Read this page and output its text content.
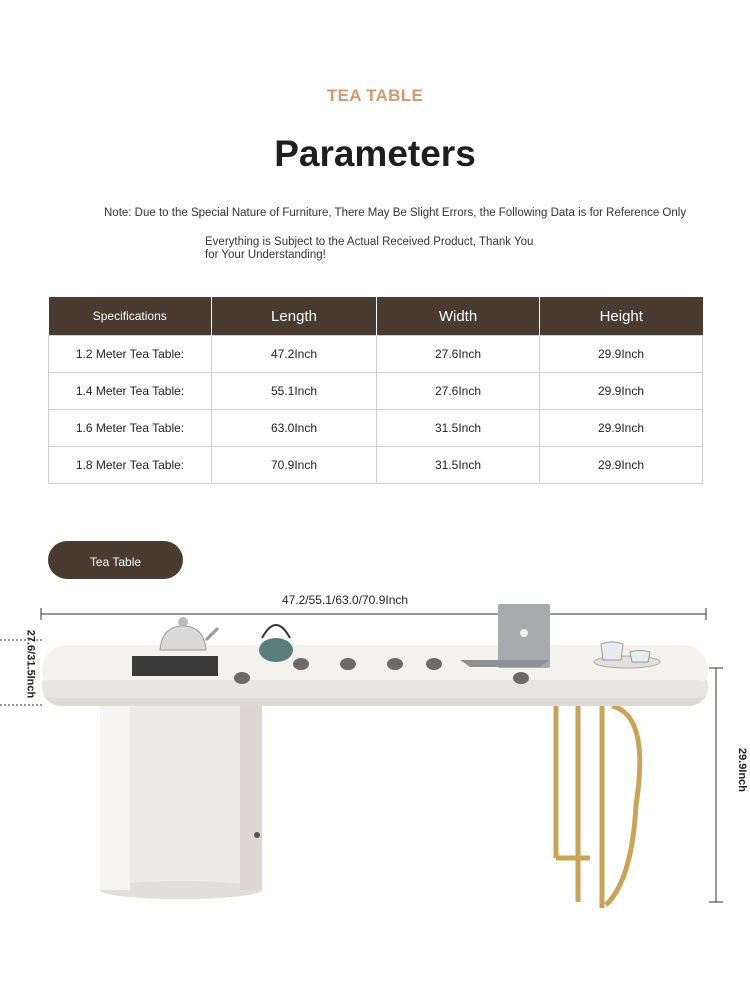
TEA TABLE
Parameters
Note: Due to the Special Nature of Furniture, There May Be Slight Errors, the Following Data is for Reference Only
Everything is Subject to the Actual Received Product, Thank You for Your Understanding!
Specifications	Length	Width	Height
1.2 Meter Tea Table:	47.2Inch	27.6Inch	29.9Inch
1.4 Meter Tea Table:	55.1Inch	27.6Inch	29.9Inch
1.6 Meter Tea Table:	63.0Inch	31.5Inch	29.9Inch
1.8 Meter Tea Table:	70.9Inch	31.5Inch	29.9Inch
Tea Table
47.2/55.1/63.0/70.9Inch
27.6/31.5Inch
29.9Inch
